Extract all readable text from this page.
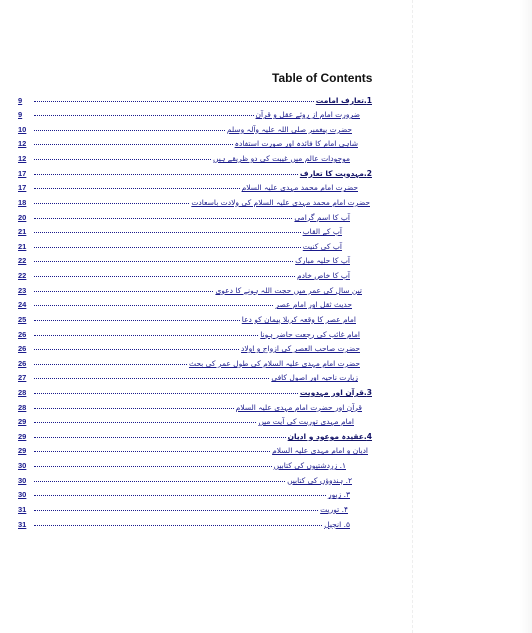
Table of Contents
9	1.تعارف امامت
9	ضرورت امام از روئے عقل و قرآن
10	حضرت پیغمبر صلی اللہ علیہ وآلہ وسلم
12	شاہی امام کا فائدہ اور صورت استفادہ
12	موجودات عالم میں غیبت کی دو ظریقے ہیں
17	2.مہدویت کا تعارف
17	حضرت امام محمد مہدی علیہ السلام
18	حضرت امام محمد مہدی علیہ السلام کی ولادت باسعادت
20	آپ کا اسم گرامی
21	آپ کے القاب
21	آپ کی کنیت
22	آپ کا حلیہ مبارک
22	آپ کا خاص خادم
23	تین سال کی عمر میں حجت اللہ ہونے کا دعوی
24	حدیث ثقل اور امام عصر
25	امام عصر کا وقعہ کربلا پیمان کو دعا
26	امام غائب کی رجعت حاضر ہونا
26	حضرت صاحب العصر کی ازواج و اولاد
26	حضرت امام مہدی علیہ السلام کی طول عمر کی بحث
27	زیارت ناحیہ اور اصول کافی
28	3.قرآن اور مہدویت
28	قرآن اور حضرت امام مہدی علیہ السلام
29	امام مہدی توریت کی آیت میں
29	4.عقیدہ موعود و ادیان
29	ادیان و امام مہدی علیہ السلام
30	۱. زردشتیوں کی کتابیں
30	۲. ہندوؤں کی کتابیں
30	۳. زبور
31	۴. توریت
31	۵. انجیل
